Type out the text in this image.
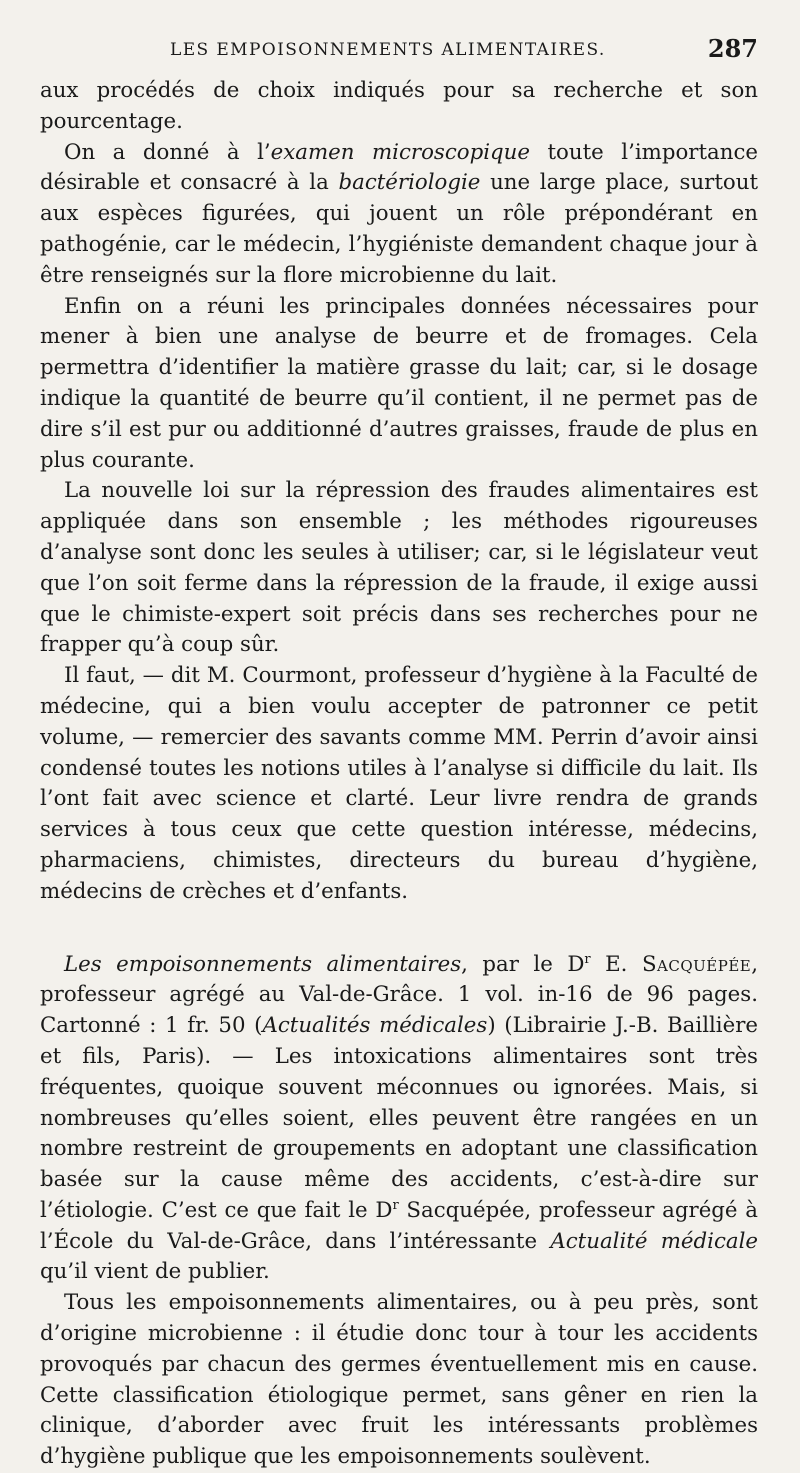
LES EMPOISONNEMENTS ALIMENTAIRES.	287

aux procédés de choix indiqués pour sa recherche et son pourcentage.

On a donné à l’examen microscopique toute l’importance désirable et consacré à la bactériologie une large place, surtout aux espèces figurées, qui jouent un rôle prépondérant en pathogénie, car le médecin, l’hygiéniste demandent chaque jour à être renseignés sur la flore microbienne du lait.

Enfin on a réuni les principales données nécessaires pour mener à bien une analyse de beurre et de fromages. Cela permettra d’identifier la matière grasse du lait; car, si le dosage indique la quantité de beurre qu’il contient, il ne permet pas de dire s’il est pur ou additionné d’autres graisses, fraude de plus en plus courante.

La nouvelle loi sur la répression des fraudes alimentaires est appliquée dans son ensemble ; les méthodes rigoureuses d’analyse sont donc les seules à utiliser; car, si le législateur veut que l’on soit ferme dans la répression de la fraude, il exige aussi que le chimiste-expert soit précis dans ses recherches pour ne frapper qu’à coup sûr.

Il faut, — dit M. Courmont, professeur d’hygiène à la Faculté de médecine, qui a bien voulu accepter de patronner ce petit volume, — remercier des savants comme MM. Perrin d’avoir ainsi condensé toutes les notions utiles à l’analyse si difficile du lait. Ils l’ont fait avec science et clarté. Leur livre rendra de grands services à tous ceux que cette question intéresse, médecins, pharmaciens, chimistes, directeurs du bureau d’hygiène, médecins de crèches et d’enfants.

Les empoisonnements alimentaires, par le $D^r$ E. Sacquépée, professeur agrégé au Val-de-Grâce. 1 vol. in-16 de 96 pages. Cartonné : 1 fr. 50 (Actualités médicales) (Librairie J.-B. Baillière et fils, Paris). — Les intoxications alimentaires sont très fréquentes, quoique souvent méconnues ou ignorées. Mais, si nombreuses qu’elles soient, elles peuvent être rangées en un nombre restreint de groupements en adoptant une classification basée sur la cause même des accidents, c’est-à-dire sur l’étiologie. C’est ce que fait le $D^r$ Sacquépée, professeur agrégé à l’École du Val-de-Grâce, dans l’intéressante Actualité médicale qu’il vient de publier.

Tous les empoisonnements alimentaires, ou à peu près, sont d’origine microbienne : il étudie donc tour à tour les accidents provoqués par chacun des germes éventuellement mis en cause. Cette classification étiologique permet, sans gêner en rien la clinique, d’aborder avec fruit les intéressants problèmes d’hygiène publique que les empoisonnements soulèvent.
